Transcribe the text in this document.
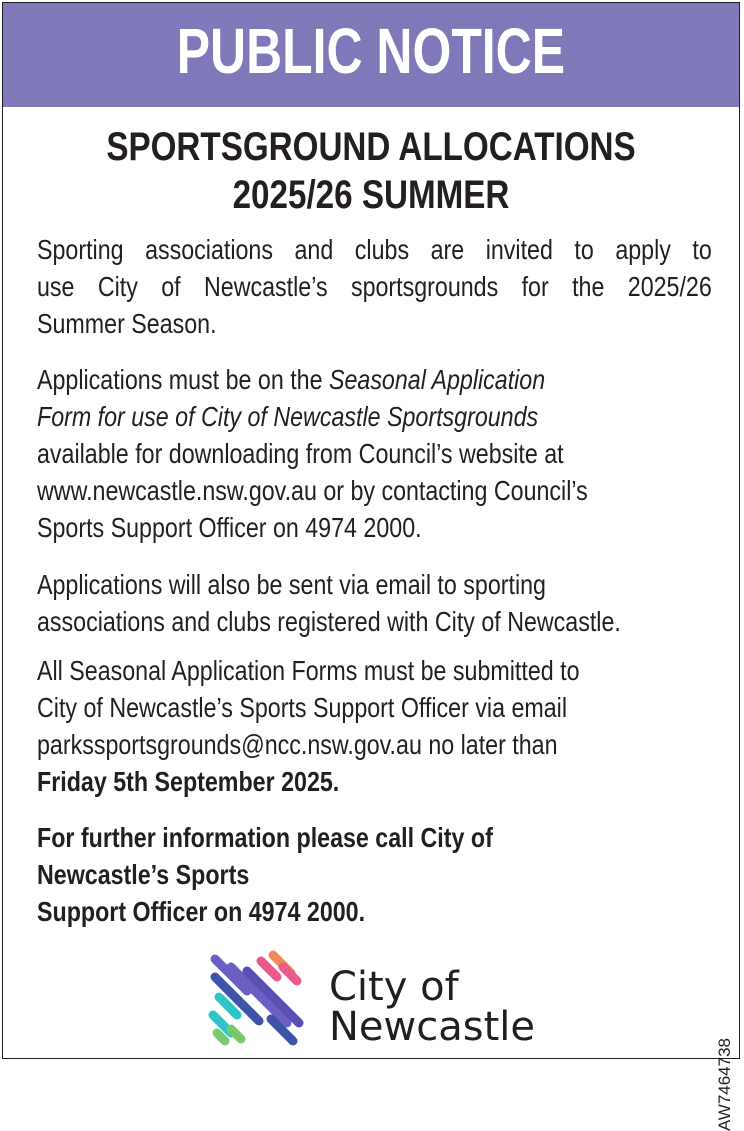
PUBLIC NOTICE
SPORTSGROUND ALLOCATIONS
2025/26 SUMMER
Sporting associations and clubs are invited to apply to
use City of Newcastle’s sportsgrounds for the 2025/26
Summer Season.
Applications must be on the Seasonal Application
Form for use of City of Newcastle Sportsgrounds
available for downloading from Council’s website at
www.newcastle.nsw.gov.au or by contacting Council’s
Sports Support Officer on 4974 2000.
Applications will also be sent via email to sporting
associations and clubs registered with City of Newcastle.
All Seasonal Application Forms must be submitted to
City of Newcastle’s Sports Support Officer via email
parkssportsgrounds@ncc.nsw.gov.au no later than
Friday 5th September 2025.
For further information please call City of
Newcastle’s Sports
Support Officer on 4974 2000.
City of
Newcastle
AW7464738
